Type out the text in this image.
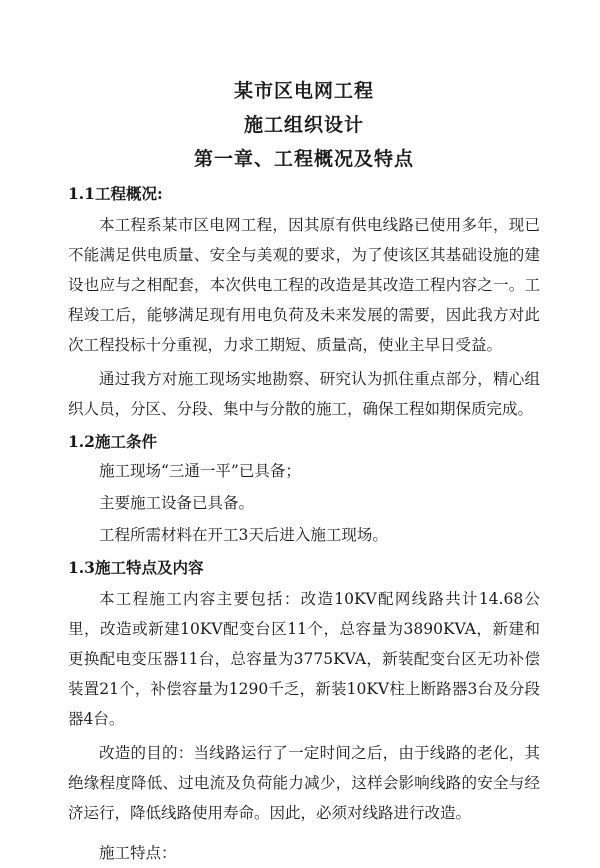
某市区电网工程
施工组织设计
第一章、工程概况及特点
1.1工程概况:
本工程系某市区电网工程，因其原有供电线路已使用多年，现已不能满足供电质量、安全与美观的要求，为了使该区其基础设施的建设也应与之相配套，本次供电工程的改造是其改造工程内容之一。工程竣工后，能够满足现有用电负荷及未来发展的需要，因此我方对此次工程投标十分重视，力求工期短、质量高，使业主早日受益。
通过我方对施工现场实地勘察、研究认为抓住重点部分，精心组织人员，分区、分段、集中与分散的施工，确保工程如期保质完成。
1.2施工条件
施工现场“三通一平”已具备；
主要施工设备已具备。
工程所需材料在开工3天后进入施工现场。
1.3施工特点及内容
本工程施工内容主要包括：改造10KV配网线路共计14.68公里，改造或新建10KV配变台区11个，总容量为3890KVA，新建和更换配电变压器11台，总容量为3775KVA，新装配变台区无功补偿装置21个，补偿容量为1290千乏，新装10KV柱上断路器3台及分段器4台。
改造的目的：当线路运行了一定时间之后，由于线路的老化，其绝缘程度降低、过电流及负荷能力减少，这样会影响线路的安全与经济运行，降低线路使用寿命。因此，必须对线路进行改造。
施工特点：
